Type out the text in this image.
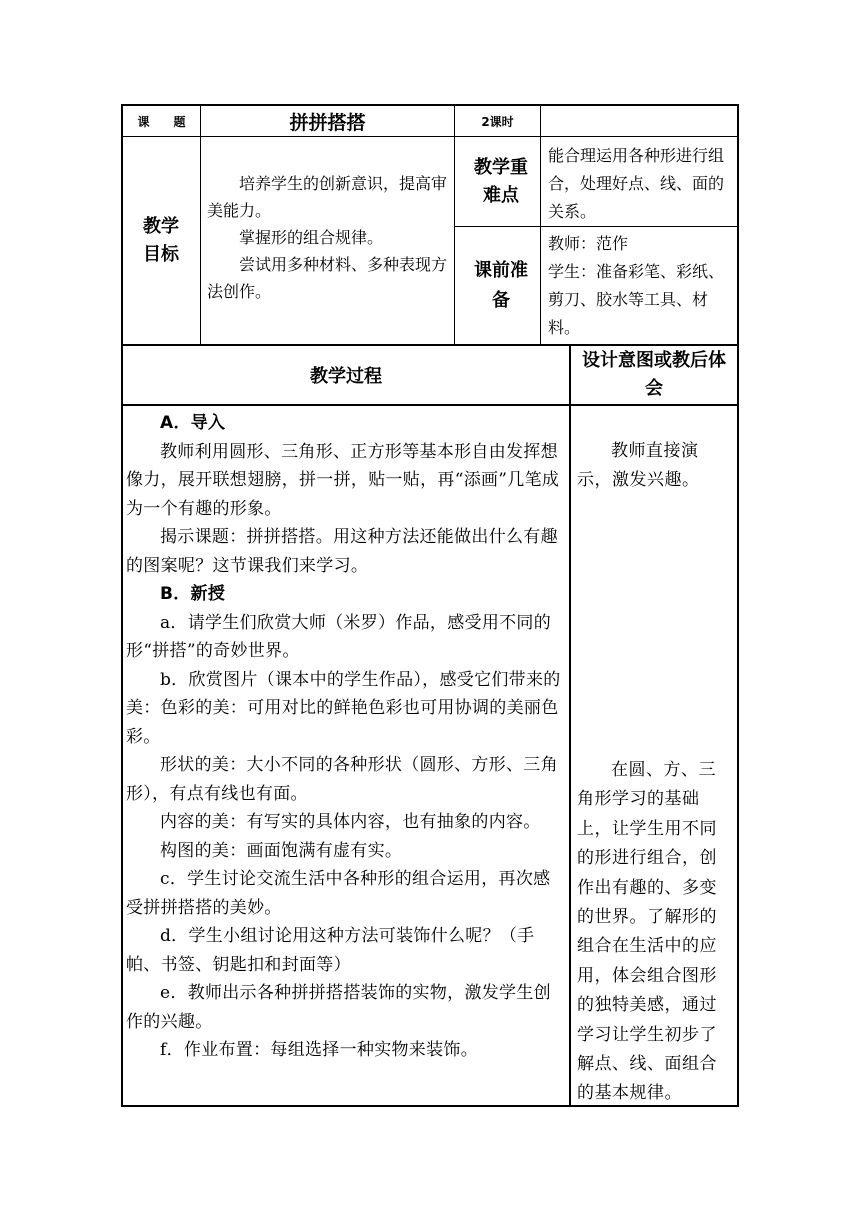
课　　题	拼拼搭搭	2课时
教学目标

培养学生的创新意识，提高审美能力。

掌握形的组合规律。

尝试用多种材料、多种表现方法创作。

教学重难点

能合理运用各种形进行组合，处理好点、线、面的关系。

课前准备

教师：范作

学生：准备彩笔、彩纸、剪刀、胶水等工具、材料。

教学过程
设计意图或教后体会

A．导入

教师利用圆形、三角形、正方形等基本形自由发挥想像力，展开联想翅膀，拼一拼，贴一贴，再“添画”几笔成为一个有趣的形象。

揭示课题：拼拼搭搭。用这种方法还能做出什么有趣的图案呢？这节课我们来学习。

B．新授

a．请学生们欣赏大师（米罗）作品，感受用不同的形“拼搭”的奇妙世界。

b．欣赏图片（课本中的学生作品），感受它们带来的美：色彩的美：可用对比的鲜艳色彩也可用协调的美丽色彩。

形状的美：大小不同的各种形状（圆形、方形、三角形），有点有线也有面。

内容的美：有写实的具体内容，也有抽象的内容。

构图的美：画面饱满有虚有实。

c．学生讨论交流生活中各种形的组合运用，再次感受拼拼搭搭的美妙。

d．学生小组讨论用这种方法可装饰什么呢？（手帕、书签、钥匙扣和封面等）

e．教师出示各种拼拼搭搭装饰的实物，激发学生创作的兴趣。

f．作业布置：每组选择一种实物来装饰。

教师直接演示，激发兴趣。

在圆、方、三角形学习的基础上，让学生用不同的形进行组合，创作出有趣的、多变的世界。了解形的组合在生活中的应用，体会组合图形的独特美感，通过学习让学生初步了解点、线、面组合的基本规律。
